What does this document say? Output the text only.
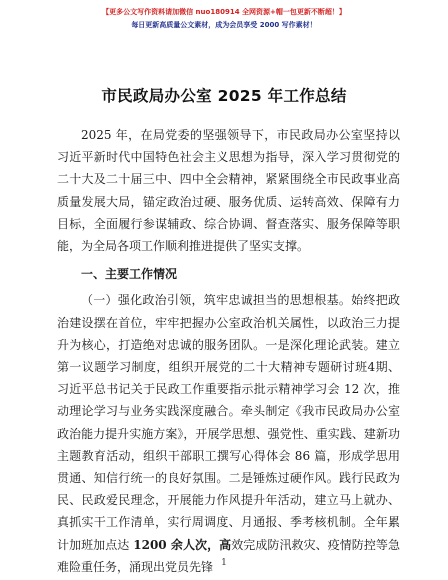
【更多公文写作资料请加微信 nuo180914 全网资源+帽一包更新不断超！】
每日更新高质量公文素材，成为会员享受 2000 写作素材！
市民政局办公室 2025 年工作总结

2025 年，在局党委的坚强领导下，市民政局办公室坚持以习近平新时代中国特色社会主义思想为指导，深入学习贯彻党的二十大及二十届三中、四中全会精神，紧紧围绕全市民政事业高质量发展大局，锚定政治过硬、服务优质、运转高效、保障有力目标，全面履行参谋辅政、综合协调、督查落实、服务保障等职能，为全局各项工作顺利推进提供了坚实支撑。

一、主要工作情况

（一）强化政治引领，筑牢忠诚担当的思想根基。始终把政治建设摆在首位，牢牢把握办公室政治机关属性，以政治三力提升为核心，打造绝对忠诚的服务团队。一是深化理论武装。建立第一议题学习制度，组织开展党的二十大精神专题研讨班4期、习近平总书记关于民政工作重要指示批示精神学习会 12 次，推动理论学习与业务实践深度融合。牵头制定《我市民政局办公室政治能力提升实施方案》，开展学思想、强党性、重实践、建新功主题教育活动，组织干部职工撰写心得体会 86 篇，形成学思用贯通、知信行统一的良好氛围。二是锤炼过硬作风。践行民政为民、民政爱民理念，开展能力作风提升年活动，建立马上就办、真抓实干工作清单，实行周调度、月通报、季考核机制。全年累计加班加点达 1200 余人次，高效完成防汛救灾、疫情防控等急难险重任务，涌现出党员先锋 1
